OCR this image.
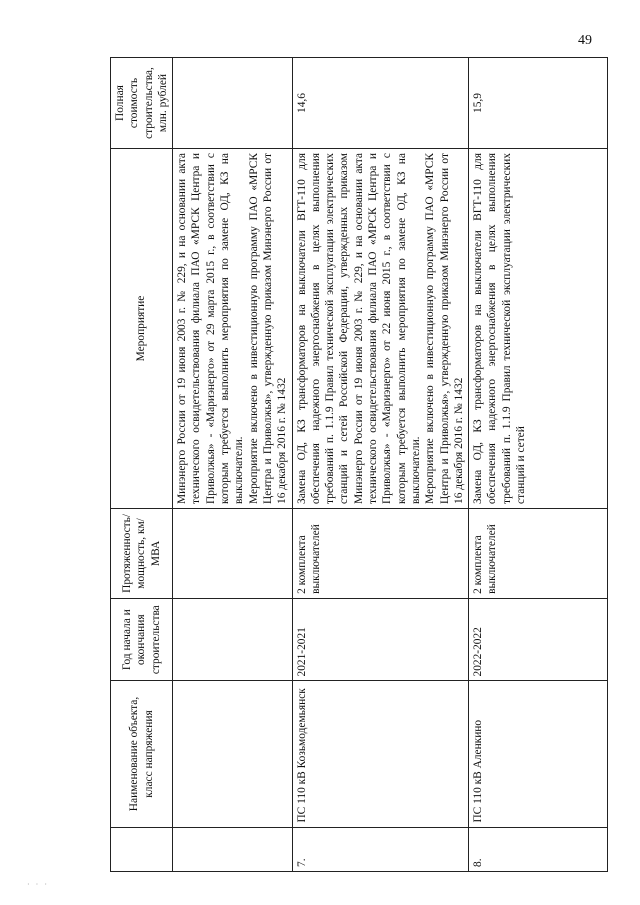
49
	Наименование объекта, класс напряжения	Год начала и окончания строительства	Протяженность/ мощность, км/МВА	Мероприятие	Полная стоимость строительства, млн. рублей

				Минэнерго России от 19 июня 2003 г. № 229, и на основании акта технического освидетельствования филиала ПАО «МРСК Центра и Приволжья» - «Мариэнерго» от 29 марта 2015 г., в соответствии с которым требуется выполнить мероприятия по замене ОД, КЗ на выключатели. Мероприятие включено в инвестиционную программу ПАО «МРСК Центра и Приволжья», утвержденную приказом Минэнерго России от 16 декабря 2016 г. № 1432	

7.	ПС 110 кВ Козьмодемьянск	2021-2021	2 комплекта выключателей	Замена ОД, КЗ трансформаторов на выключатели ВГТ-110 для обеспечения надежного энергоснабжения в целях выполнения требований п. 1.1.9 Правил технической эксплуатации электрических станций и сетей Российской Федерации, утвержденных приказом Минэнерго России от 19 июня 2003 г. № 229, и на основании акта технического освидетельствования филиала ПАО «МРСК Центра и Приволжья» - «Мариэнерго» от 22 июня 2015 г., в соответствии с которым требуется выполнить мероприятия по замене ОД, КЗ на выключатели. Мероприятие включено в инвестиционную программу ПАО «МРСК Центра и Приволжья», утвержденную приказом Минэнерго России от 16 декабря 2016 г. № 1432	14,6
8.	ПС 110 кВ Аленкино	2022-2022	2 комплекта выключателей	Замена ОД, КЗ трансформаторов на выключатели ВГТ-110 для обеспечения надежного энергоснабжения в целях выполнения требований п. 1.1.9 Правил технической эксплуатации электрических станций и сетей	15,9
· · ·
